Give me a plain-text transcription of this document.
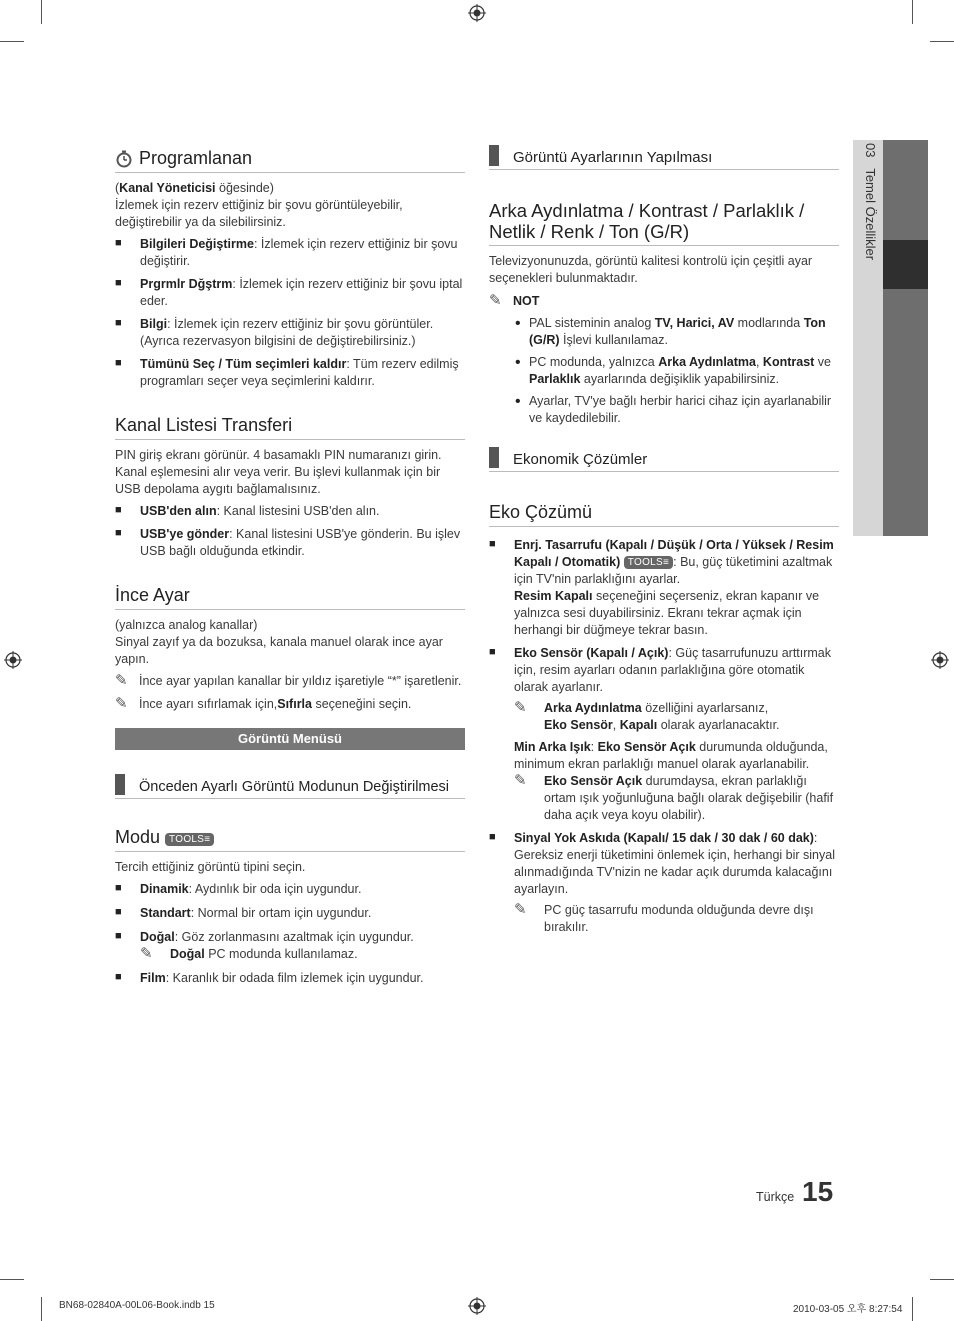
03   Temel Özellikler
Programlanan

(Kanal Yöneticisi öğesinde)

İzlemek için rezerv ettiğiniz bir şovu görüntüleyebilir, değiştirebilir ya da silebilirsiniz.

■	Bilgileri Değiştirme: İzlemek için rezerv ettiğiniz bir şovu değiştirir.

■	Prgrmlr Dğştrm: İzlemek için rezerv ettiğiniz bir şovu iptal eder.

■	Bilgi: İzlemek için rezerv ettiğiniz bir şovu görüntüler. (Ayrıca rezervasyon bilgisini de değiştirebilirsiniz.)

■	Tümünü Seç / Tüm seçimleri kaldır: Tüm rezerv edilmiş programları seçer veya seçimlerini kaldırır.

Kanal Listesi Transferi

PIN giriş ekranı görünür. 4 basamaklı PIN numaranızı girin. Kanal eşlemesini alır veya verir. Bu işlevi kullanmak için bir USB depolama aygıtı bağlamalısınız.

■	USB'den alın: Kanal listesini USB'den alın.

■	USB'ye gönder: Kanal listesini USB'ye gönderin. Bu işlev USB bağlı olduğunda etkindir.

İnce Ayar

(yalnızca analog kanallar)

Sinyal zayıf ya da bozuksa, kanala manuel olarak ince ayar yapın.

✎ İnce ayar yapılan kanallar bir yıldız işaretiyle “*” işaretlenir.

✎ İnce ayarı sıfırlamak için,Sıfırla seçeneğini seçin.

Görüntü Menüsü
Önceden Ayarlı Görüntü Modunun Değiştirilmesi
Modu TOOLS≡

Tercih ettiğiniz görüntü tipini seçin.

■	Dinamik: Aydınlık bir oda için uygundur.

■	Standart: Normal bir ortam için uygundur.

■	Doğal: Göz zorlanmasını azaltmak için uygundur.

✎	Doğal PC modunda kullanılamaz.

■	Film: Karanlık bir odada film izlemek için uygundur.

Görüntü Ayarlarının Yapılması
Arka Aydınlatma / Kontrast / Parlaklık / Netlik / Renk / Ton (G/R)

Televizyonunuzda, görüntü kalitesi kontrolü için çeşitli ayar seçenekleri bulunmaktadır.

✎ NOT

• PAL sisteminin analog TV, Harici, AV modlarında Ton (G/R) İşlevi kullanılamaz.

• PC modunda, yalnızca Arka Aydınlatma, Kontrast ve Parlaklık ayarlarında değişiklik yapabilirsiniz.

• Ayarlar, TV'ye bağlı herbir harici cihaz için ayarlanabilir ve kaydedilebilir.

Ekonomik Çözümler
Eko Çözümü
■	Enrj. Tasarrufu (Kapalı / Düşük / Orta / Yüksek / Resim Kapalı / Otomatik) TOOLS≡ : Bu, güç tüketimini azaltmak için TV'nin parlaklığını ayarlar.
Resim Kapalı seçeneğini seçerseniz, ekran kapanır ve yalnızca sesi duyabilirsiniz. Ekranı tekrar açmak için herhangi bir düğmeye tekrar basın.

■	Eko Sensör (Kapalı / Açık): Güç tasarrufunuzu arttırmak için, resim ayarları odanın parlaklığına göre otomatik olarak ayarlanır.

✎	Arka Aydınlatma özelliğini ayarlarsanız,
Eko Sensör, Kapalı olarak ayarlanacaktır.

Min Arka Işık: Eko Sensör Açık durumunda olduğunda, minimum ekran parlaklığı manuel olarak ayarlanabilir.

✎	Eko Sensör Açık durumdaysa, ekran parlaklığı ortam ışık yoğunluğuna bağlı olarak değişebilir (hafif daha açık veya koyu olabilir).

■	Sinyal Yok Askıda (Kapalı/ 15 dak / 30 dak / 60 dak): Gereksiz enerji tüketimini önlemek için, herhangi bir sinyal alınmadığında TV'nizin ne kadar açık durumda kalacağını ayarlayın.

✎	PC güç tasarrufu modunda olduğunda devre dışı bırakılır.

Türkçe 15
BN68-02840A-00L06-Book.indb 15	2010-03-05 오후 8:27:54
